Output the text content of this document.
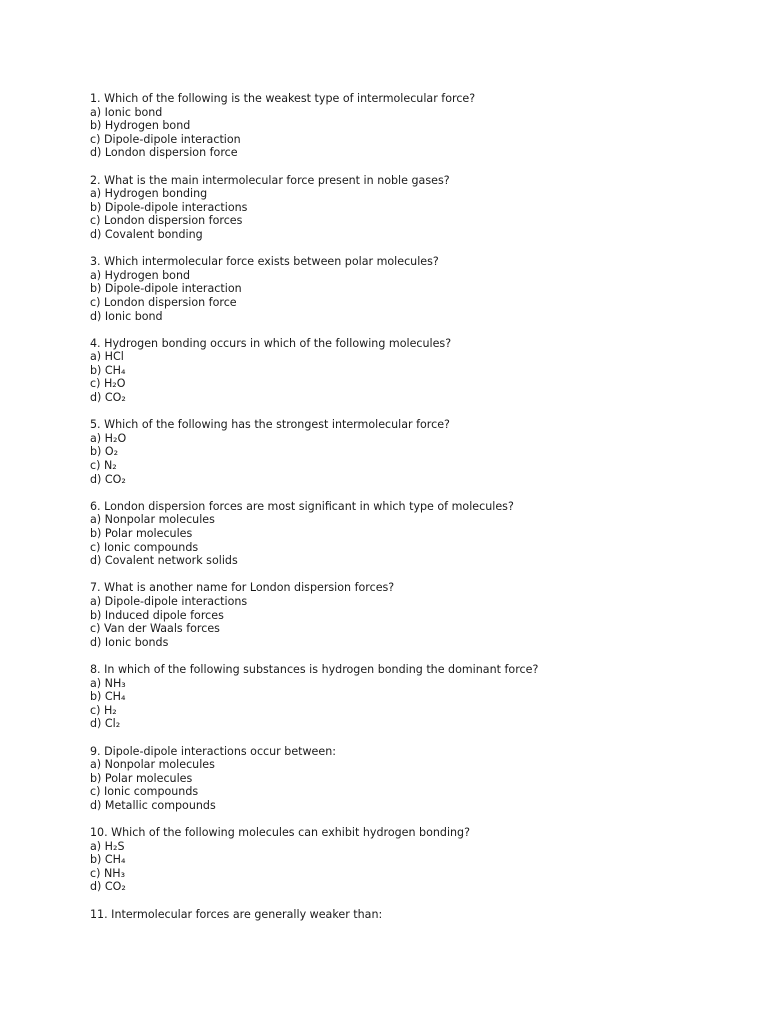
1. Which of the following is the weakest type of intermolecular force?
a) Ionic bond
b) Hydrogen bond
c) Dipole-dipole interaction
d) London dispersion force
2. What is the main intermolecular force present in noble gases?
a) Hydrogen bonding
b) Dipole-dipole interactions
c) London dispersion forces
d) Covalent bonding
3. Which intermolecular force exists between polar molecules?
a) Hydrogen bond
b) Dipole-dipole interaction
c) London dispersion force
d) Ionic bond
4. Hydrogen bonding occurs in which of the following molecules?
a) HCl
b) CH₄
c) H₂O
d) CO₂
5. Which of the following has the strongest intermolecular force?
a) H₂O
b) O₂
c) N₂
d) CO₂
6. London dispersion forces are most significant in which type of molecules?
a) Nonpolar molecules
b) Polar molecules
c) Ionic compounds
d) Covalent network solids
7. What is another name for London dispersion forces?
a) Dipole-dipole interactions
b) Induced dipole forces
c) Van der Waals forces
d) Ionic bonds
8. In which of the following substances is hydrogen bonding the dominant force?
a) NH₃
b) CH₄
c) H₂
d) Cl₂
9. Dipole-dipole interactions occur between:
a) Nonpolar molecules
b) Polar molecules
c) Ionic compounds
d) Metallic compounds
10. Which of the following molecules can exhibit hydrogen bonding?
a) H₂S
b) CH₄
c) NH₃
d) CO₂
11. Intermolecular forces are generally weaker than:
